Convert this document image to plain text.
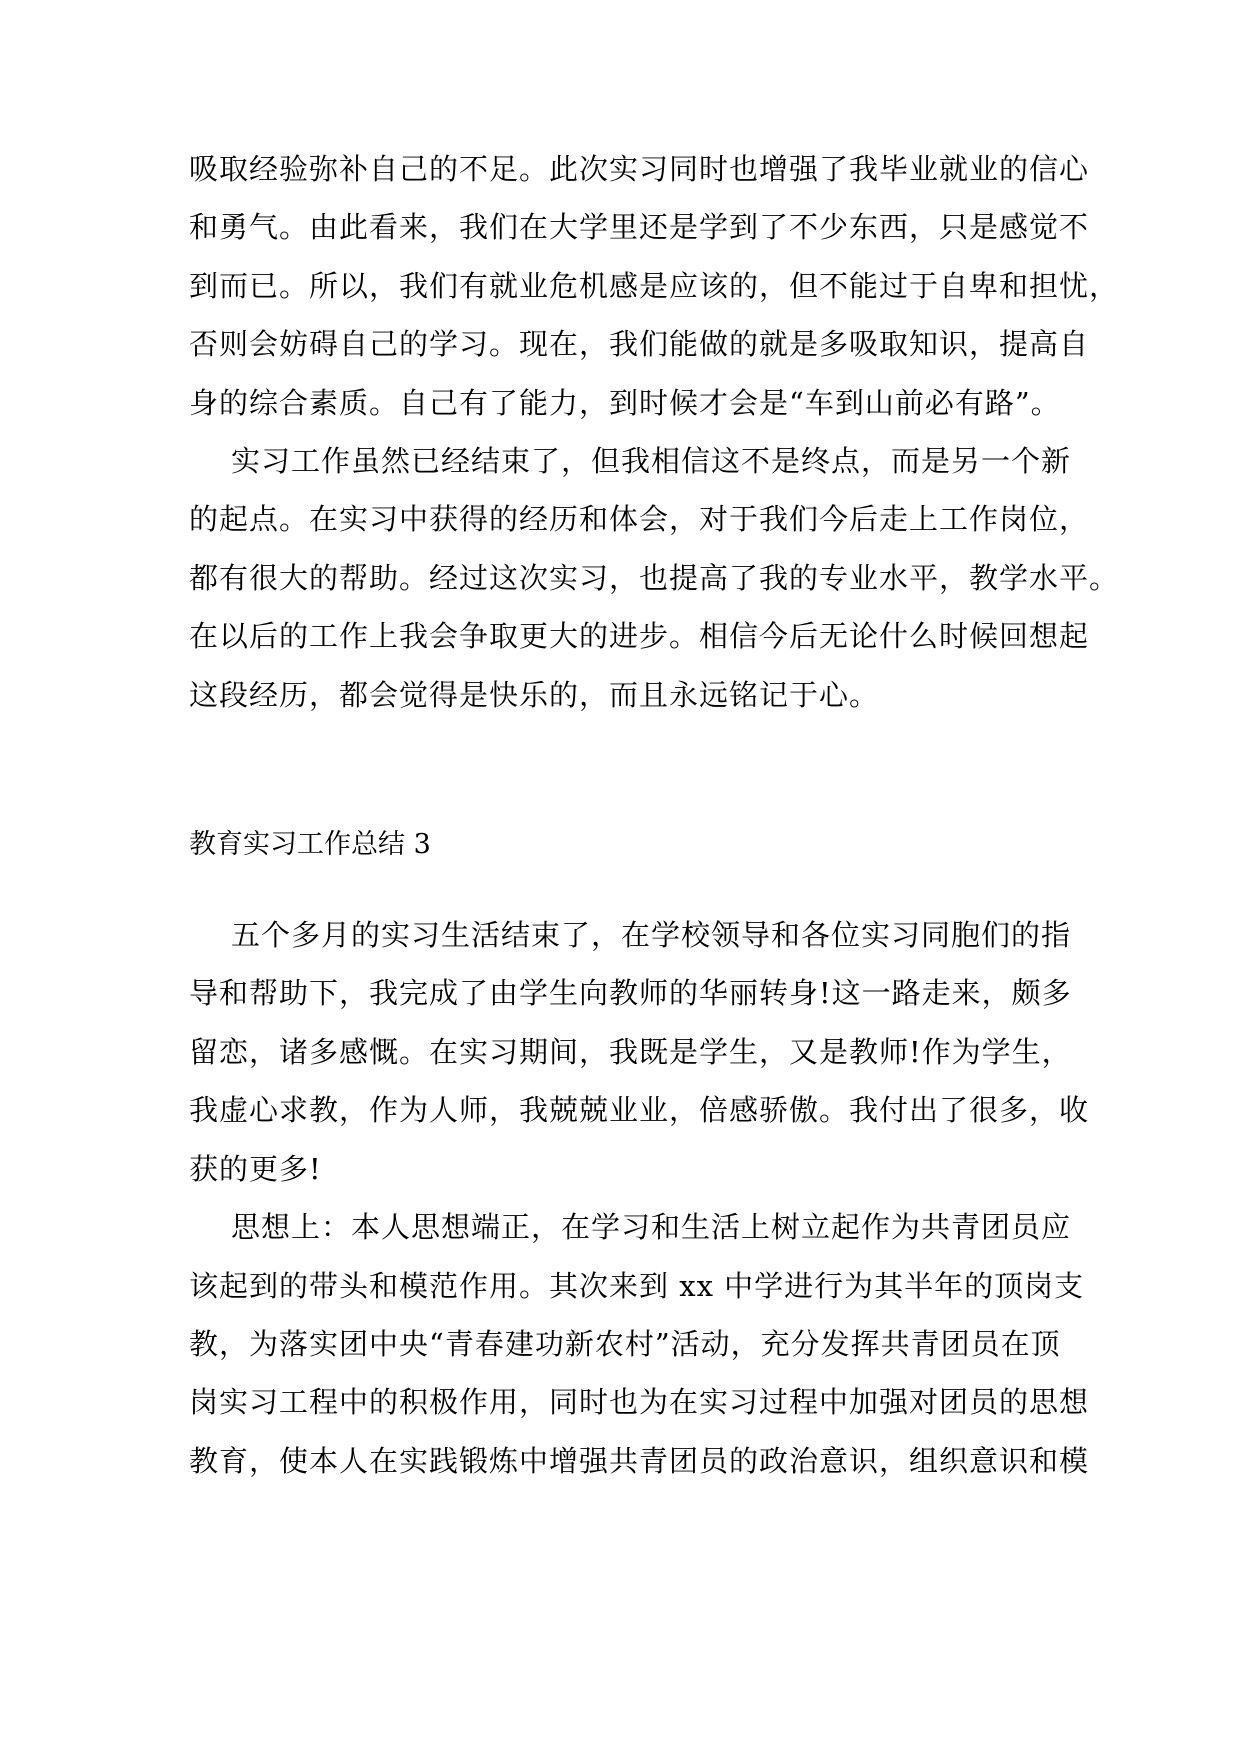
吸取经验弥补自己的不足。此次实习同时也增强了我毕业就业的信心
和勇气。由此看来，我们在大学里还是学到了不少东西，只是感觉不
到而已。所以，我们有就业危机感是应该的，但不能过于自卑和担忧，
否则会妨碍自己的学习。现在，我们能做的就是多吸取知识，提高自
身的综合素质。自己有了能力，到时候才会是“车到山前必有路”。

实习工作虽然已经结束了，但我相信这不是终点，而是另一个新
的起点。在实习中获得的经历和体会，对于我们今后走上工作岗位，
都有很大的帮助。经过这次实习，也提高了我的专业水平，教学水平。
在以后的工作上我会争取更大的进步。相信今后无论什么时候回想起
这段经历，都会觉得是快乐的，而且永远铭记于心。

教育实习工作总结 3

五个多月的实习生活结束了，在学校领导和各位实习同胞们的指
导和帮助下，我完成了由学生向教师的华丽转身!这一路走来，颇多
留恋，诸多感慨。在实习期间，我既是学生，又是教师!作为学生，
我虚心求教，作为人师，我兢兢业业，倍感骄傲。我付出了很多，收
获的更多!

思想上：本人思想端正，在学习和生活上树立起作为共青团员应
该起到的带头和模范作用。其次来到 xx 中学进行为其半年的顶岗支
教，为落实团中央“青春建功新农村”活动，充分发挥共青团员在顶
岗实习工程中的积极作用，同时也为在实习过程中加强对团员的思想
教育，使本人在实践锻炼中增强共青团员的政治意识，组织意识和模
